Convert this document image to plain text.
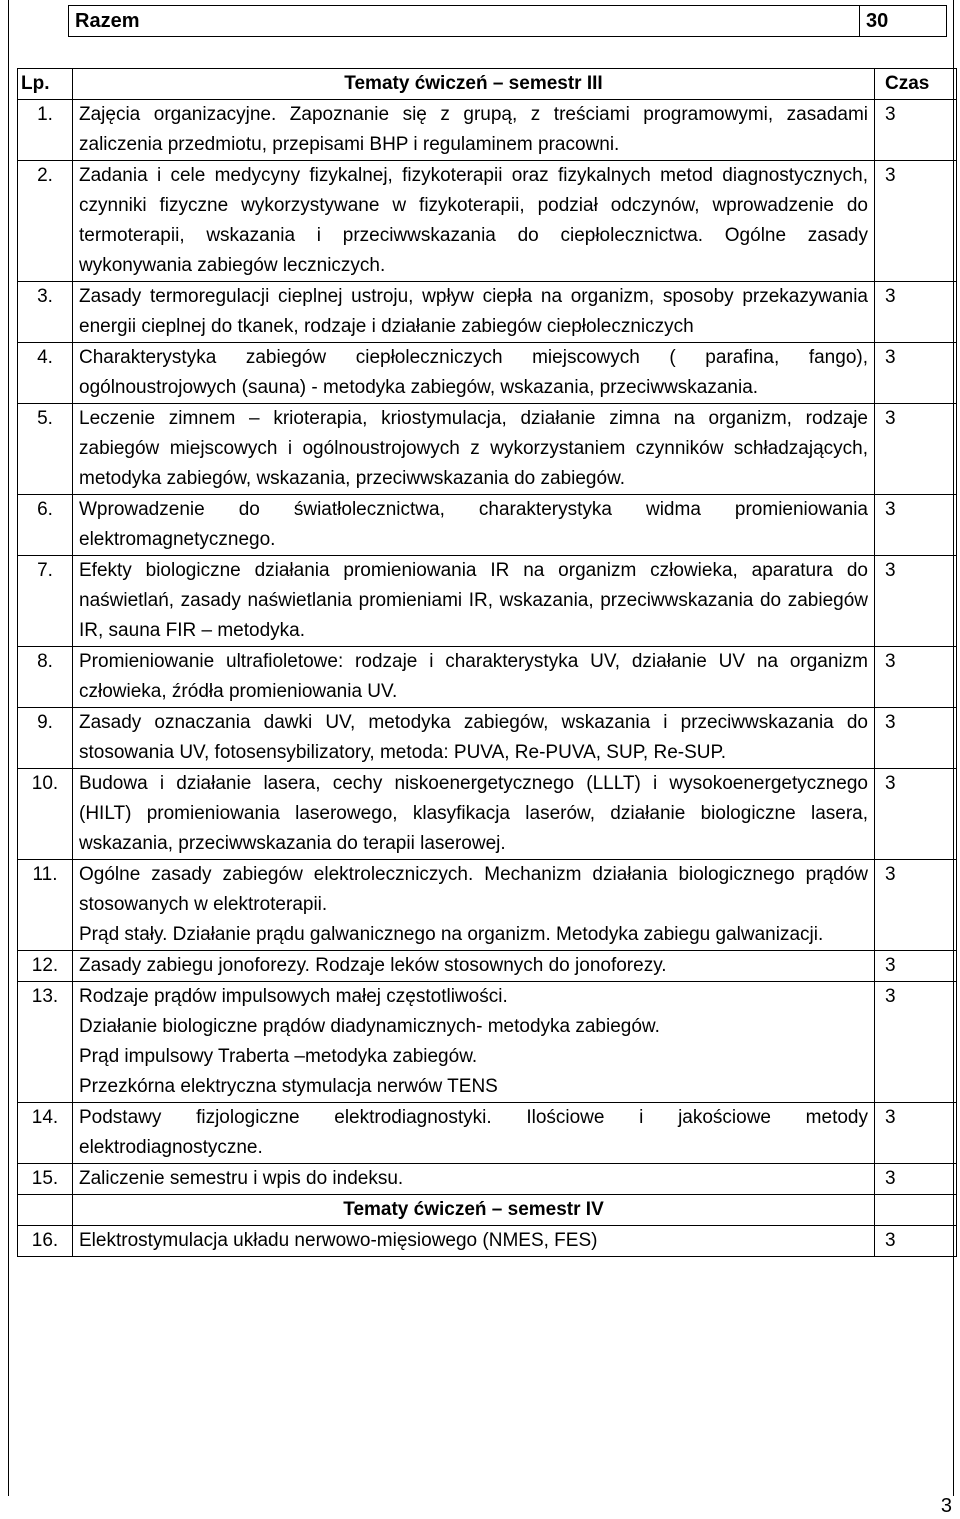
Razem	30
Lp.	Tematy ćwiczeń – semestr III	Czas
1.	Zajęcia organizacyjne. Zapoznanie się z grupą, z treściami programowymi, zasadami zaliczenia przedmiotu, przepisami BHP i regulaminem pracowni.	3
2.	Zadania i cele medycyny fizykalnej, fizykoterapii oraz fizykalnych metod diagnostycznych, czynniki fizyczne wykorzystywane w fizykoterapii, podział odczynów, wprowadzenie do termoterapii, wskazania i przeciwwskazania do ciepłolecznictwa. Ogólne zasady wykonywania zabiegów leczniczych.	3
3.	Zasady termoregulacji cieplnej ustroju, wpływ ciepła na organizm, sposoby przekazywania energii cieplnej do tkanek, rodzaje i działanie zabiegów ciepłoleczniczych	3
4.	Charakterystyka zabiegów ciepłoleczniczych miejscowych ( parafina, fango), ogólnoustrojowych (sauna) - metodyka zabiegów, wskazania, przeciwwskazania.	3
5.	Leczenie zimnem – krioterapia, kriostymulacja, działanie zimna na organizm, rodzaje zabiegów miejscowych i ogólnoustrojowych z wykorzystaniem czynników schładzających, metodyka zabiegów, wskazania, przeciwwskazania do zabiegów.	3
6.	Wprowadzenie do światłolecznictwa, charakterystyka widma promieniowania elektromagnetycznego.	3
7.	Efekty biologiczne działania promieniowania IR na organizm człowieka, aparatura do naświetlań, zasady naświetlania promieniami IR, wskazania, przeciwwskazania do zabiegów IR, sauna FIR – metodyka.	3
8.	Promieniowanie ultrafioletowe: rodzaje i charakterystyka UV, działanie UV na organizm człowieka, źródła promieniowania UV.	3
9.	Zasady oznaczania dawki UV, metodyka zabiegów, wskazania i przeciwwskazania do stosowania UV, fotosensybilizatory, metoda: PUVA, Re-PUVA, SUP, Re-SUP.	3
10.	Budowa i działanie lasera, cechy niskoenergetycznego (LLLT) i wysokoenergetycznego (HILT) promieniowania laserowego, klasyfikacja laserów, działanie biologiczne lasera, wskazania, przeciwwskazania do terapii laserowej.	3
11.	Ogólne zasady zabiegów elektroleczniczych. Mechanizm działania biologicznego prądów stosowanych w elektroterapii.
Prąd stały. Działanie prądu galwanicznego na organizm. Metodyka zabiegu galwanizacji.	3
12.	Zasady zabiegu jonoforezy. Rodzaje leków stosownych do jonoforezy.	3
13.	Rodzaje prądów impulsowych małej częstotliwości.
Działanie biologiczne prądów diadynamicznych- metodyka zabiegów.
Prąd impulsowy Traberta –metodyka zabiegów.
Przezkórna elektryczna stymulacja nerwów TENS	3
14.	Podstawy fizjologiczne elektrodiagnostyki. Ilościowe i jakościowe metody elektrodiagnostyczne.	3
15.	Zaliczenie semestru i wpis do indeksu.	3
	Tematy ćwiczeń – semestr IV	
16.	Elektrostymulacja układu nerwowo-mięsiowego (NMES, FES)	3
3
